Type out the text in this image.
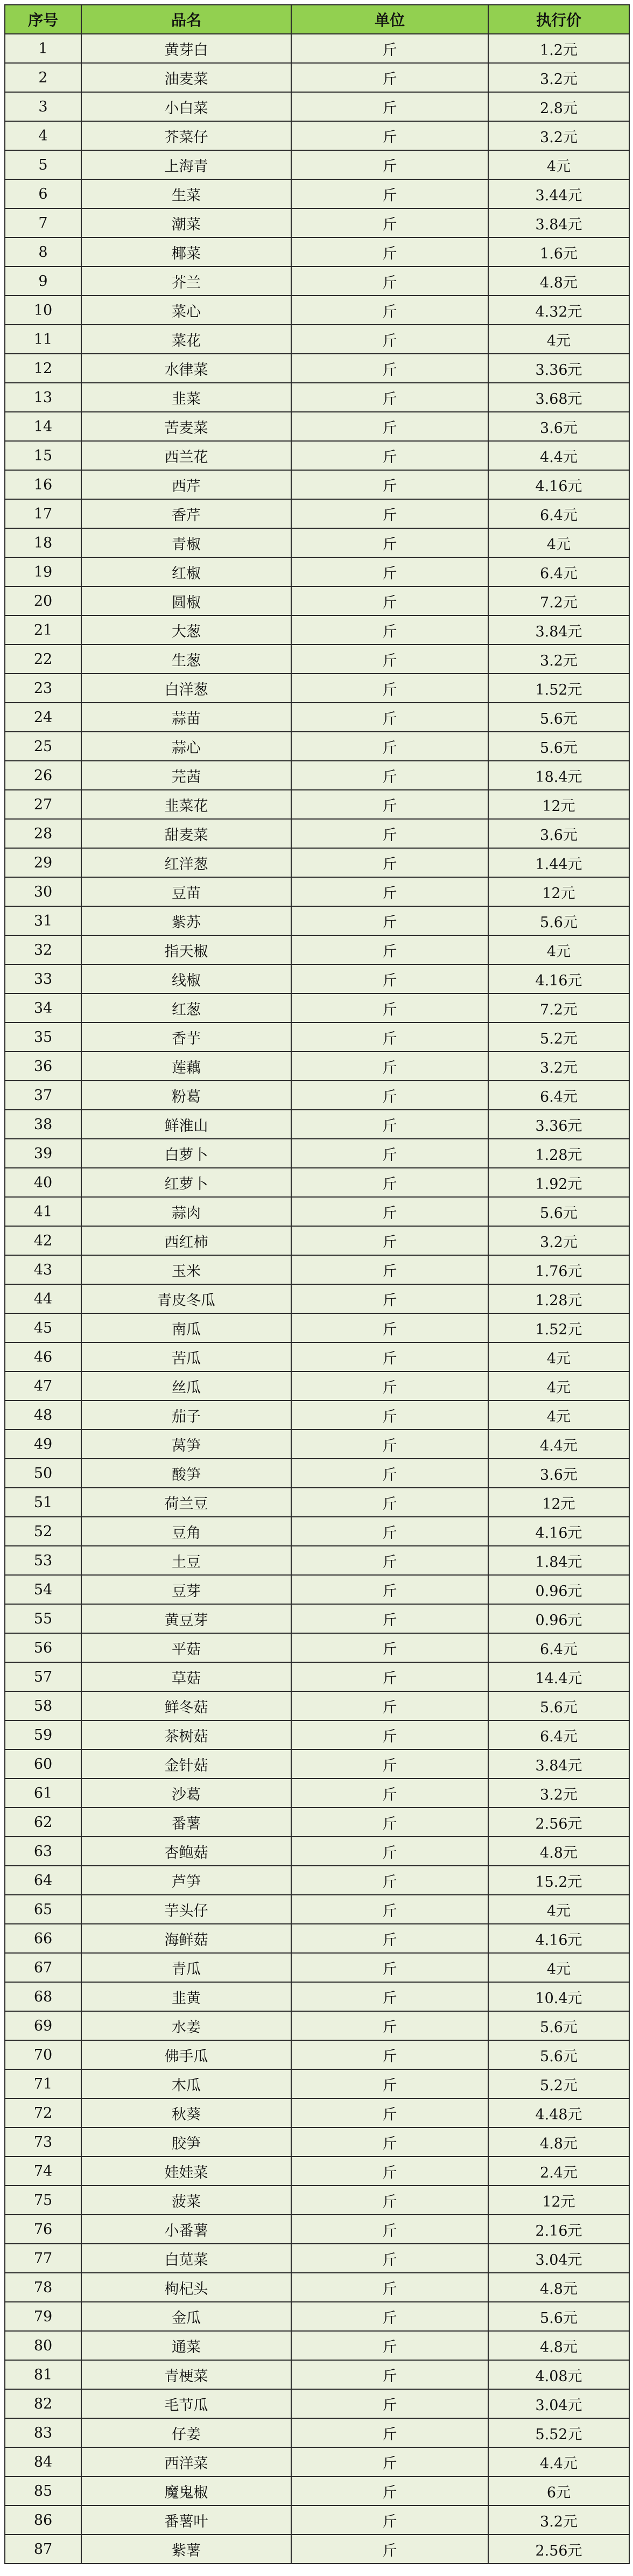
序号	品名	单位	执行价
1	黄芽白	斤	1.2元
2	油麦菜	斤	3.2元
3	小白菜	斤	2.8元
4	芥菜仔	斤	3.2元
5	上海青	斤	4元
6	生菜	斤	3.44元
7	潮菜	斤	3.84元
8	椰菜	斤	1.6元
9	芥兰	斤	4.8元
10	菜心	斤	4.32元
11	菜花	斤	4元
12	水律菜	斤	3.36元
13	韭菜	斤	3.68元
14	苦麦菜	斤	3.6元
15	西兰花	斤	4.4元
16	西芹	斤	4.16元
17	香芹	斤	6.4元
18	青椒	斤	4元
19	红椒	斤	6.4元
20	圆椒	斤	7.2元
21	大葱	斤	3.84元
22	生葱	斤	3.2元
23	白洋葱	斤	1.52元
24	蒜苗	斤	5.6元
25	蒜心	斤	5.6元
26	芫茜	斤	18.4元
27	韭菜花	斤	12元
28	甜麦菜	斤	3.6元
29	红洋葱	斤	1.44元
30	豆苗	斤	12元
31	紫苏	斤	5.6元
32	指天椒	斤	4元
33	线椒	斤	4.16元
34	红葱	斤	7.2元
35	香芋	斤	5.2元
36	莲藕	斤	3.2元
37	粉葛	斤	6.4元
38	鲜淮山	斤	3.36元
39	白萝卜	斤	1.28元
40	红萝卜	斤	1.92元
41	蒜肉	斤	5.6元
42	西红柿	斤	3.2元
43	玉米	斤	1.76元
44	青皮冬瓜	斤	1.28元
45	南瓜	斤	1.52元
46	苦瓜	斤	4元
47	丝瓜	斤	4元
48	茄子	斤	4元
49	莴笋	斤	4.4元
50	酸笋	斤	3.6元
51	荷兰豆	斤	12元
52	豆角	斤	4.16元
53	土豆	斤	1.84元
54	豆芽	斤	0.96元
55	黄豆芽	斤	0.96元
56	平菇	斤	6.4元
57	草菇	斤	14.4元
58	鲜冬菇	斤	5.6元
59	茶树菇	斤	6.4元
60	金针菇	斤	3.84元
61	沙葛	斤	3.2元
62	番薯	斤	2.56元
63	杏鲍菇	斤	4.8元
64	芦笋	斤	15.2元
65	芋头仔	斤	4元
66	海鲜菇	斤	4.16元
67	青瓜	斤	4元
68	韭黄	斤	10.4元
69	水姜	斤	5.6元
70	佛手瓜	斤	5.6元
71	木瓜	斤	5.2元
72	秋葵	斤	4.48元
73	胶笋	斤	4.8元
74	娃娃菜	斤	2.4元
75	菠菜	斤	12元
76	小番薯	斤	2.16元
77	白苋菜	斤	3.04元
78	枸杞头	斤	4.8元
79	金瓜	斤	5.6元
80	通菜	斤	4.8元
81	青梗菜	斤	4.08元
82	毛节瓜	斤	3.04元
83	仔姜	斤	5.52元
84	西洋菜	斤	4.4元
85	魔鬼椒	斤	6元
86	番薯叶	斤	3.2元
87	紫薯	斤	2.56元
